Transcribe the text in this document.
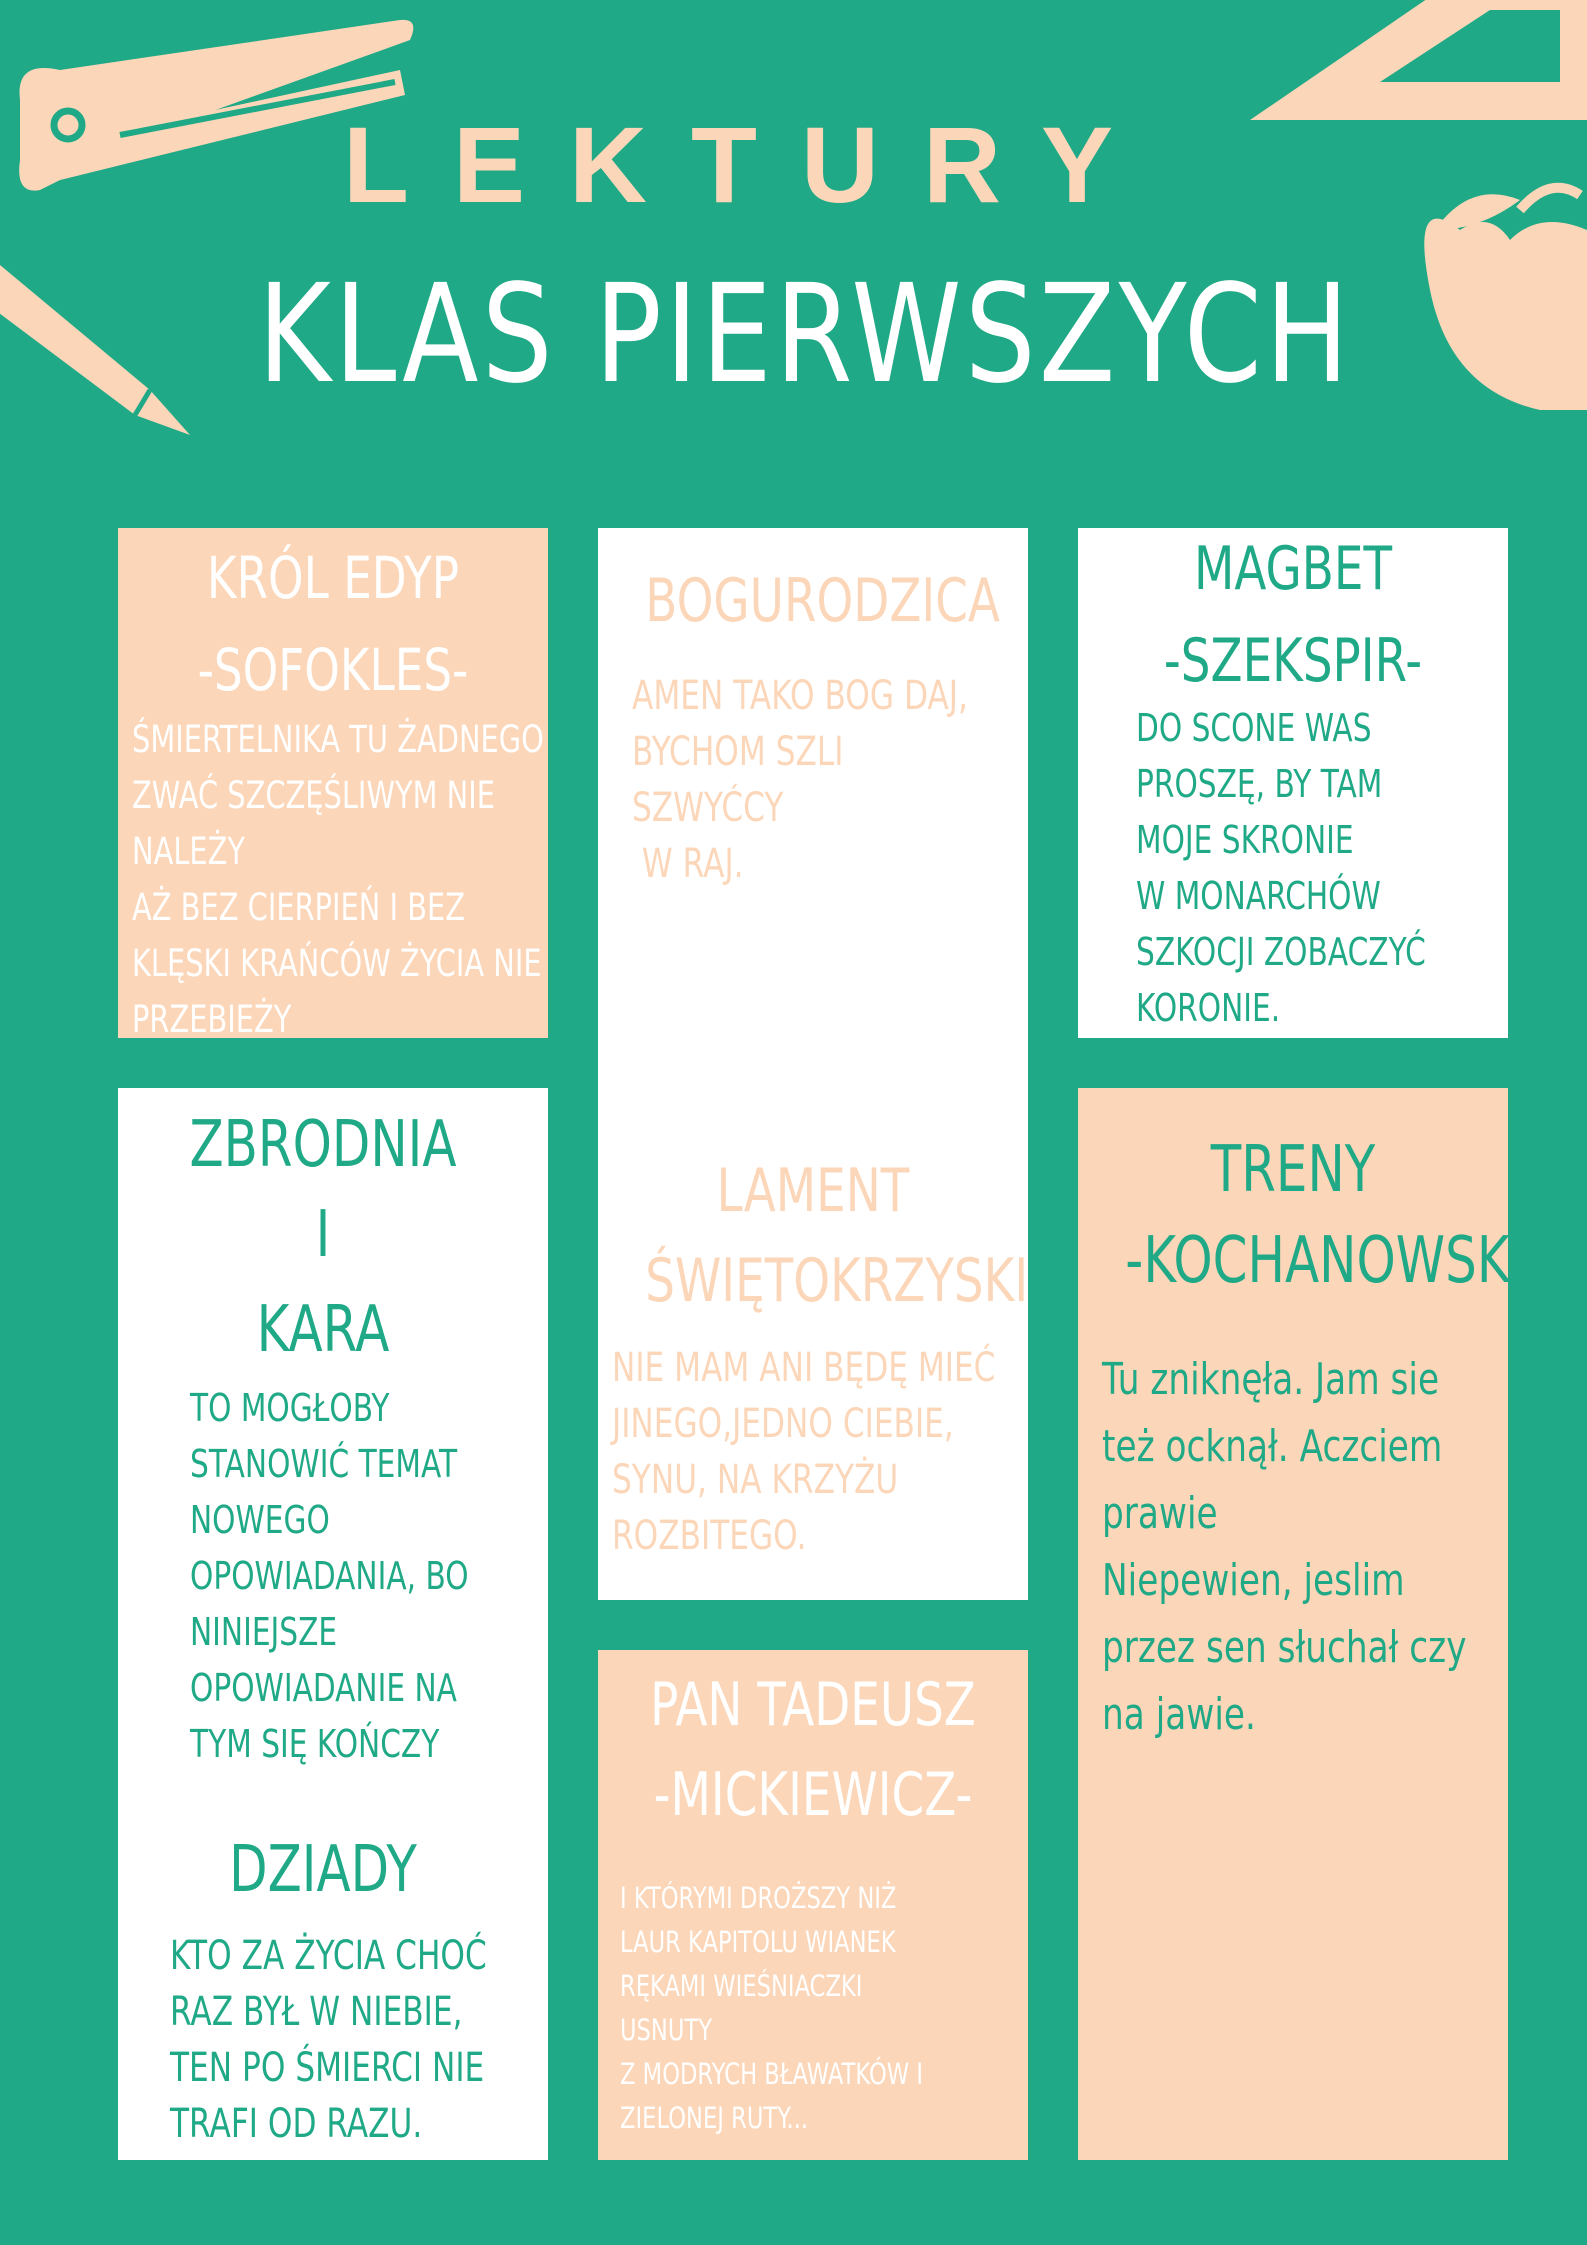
LEKTURY
KLAS PIERWSZYCH
KRÓL EDYP
-SOFOKLES-
ŚMIERTELNIKA TU ŻADNEGO
ZWAĆ SZCZĘŚLIWYM NIE
NALEŻY
AŻ BEZ CIERPIEŃ I BEZ
KLĘSKI KRAŃCÓW ŻYCIA NIE
PRZEBIEŻY
BOGURODZICA
AMEN TAKO BOG DAJ,
BYCHOM SZLI
SZWYĆCY
W RAJ.
LAMENT
ŚWIĘTOKRZYSKI
NIE MAM ANI BĘDĘ MIEĆ
JINEGO,JEDNO CIEBIE,
SYNU, NA KRZYŻU
ROZBITEGO.
MAGBET
-SZEKSPIR-
DO SCONE WAS
PROSZĘ, BY TAM
MOJE SKRONIE
W MONARCHÓW
SZKOCJI ZOBACZYĆ
KORONIE.
ZBRODNIA
I
KARA
TO MOGŁOBY
STANOWIĆ TEMAT
NOWEGO
OPOWIADANIA, BO
NINIEJSZE
OPOWIADANIE NA
TYM SIĘ KOŃCZY
DZIADY
KTO ZA ŻYCIA CHOĆ
RAZ BYŁ W NIEBIE,
TEN PO ŚMIERCI NIE
TRAFI OD RAZU.
PAN TADEUSZ
-MICKIEWICZ-
I KTÓRYMI DROŻSZY NIŻ
LAUR KAPITOLU WIANEK
RĘKAMI WIEŚNIACZKI
USNUTY
Z MODRYCH BŁAWATKÓW I
ZIELONEJ RUTY...
TRENY
-KOCHANOWSKI-
Tu zniknęła. Jam sie
też ocknął. Aczciem
prawie
Niepewien, jeslim
przez sen słuchał czy
na jawie.
